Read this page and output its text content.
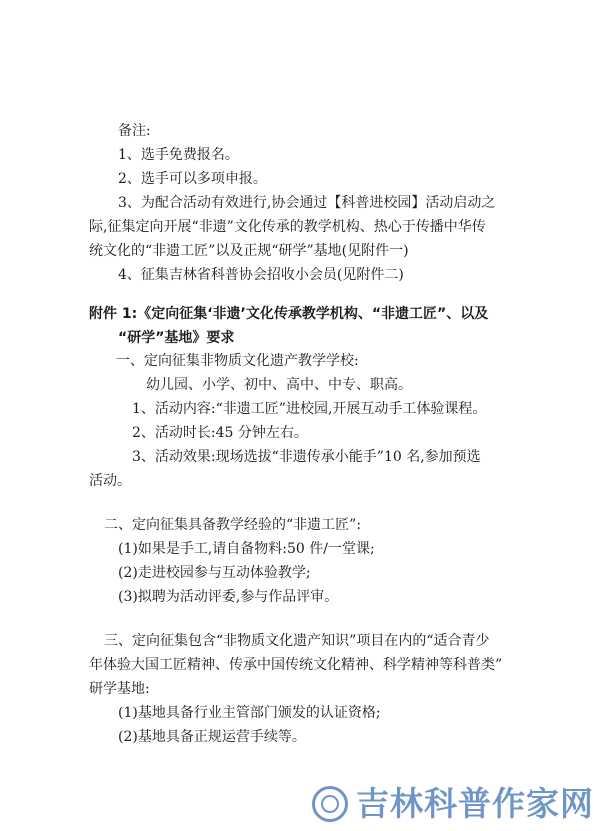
备注:
1、选手免费报名。
2、选手可以多项申报。
3、为配合活动有效进行,协会通过【科普进校园】活动启动之
际,征集定向开展“非遗”文化传承的教学机构、热心于传播中华传
统文化的“非遗工匠”以及正规“研学”基地(见附件一)
4、征集吉林省科普协会招收小会员(见附件二)
附件 1:《定向征集‘非遗’文化传承教学机构、“非遗工匠”、以及
“研学”基地》要求
一、定向征集非物质文化遗产教学学校:
幼儿园、小学、初中、高中、中专、职高。
1、活动内容:“非遗工匠”进校园,开展互动手工体验课程。
2、活动时长:45 分钟左右。
3、活动效果:现场选拔“非遗传承小能手”10 名,参加预选
活动。
二、定向征集具备教学经验的“非遗工匠”:
(1)如果是手工,请自备物料:50 件/一堂课;
(2)走进校园参与互动体验教学;
(3)拟聘为活动评委,参与作品评审。
三、定向征集包含“非物质文化遗产知识”项目在内的“适合青少
年体验大国工匠精神、传承中国传统文化精神、科学精神等科普类”
研学基地:
(1)基地具备行业主管部门颁发的认证资格;
(2)基地具备正规运营手续等。
吉林科普作家网
